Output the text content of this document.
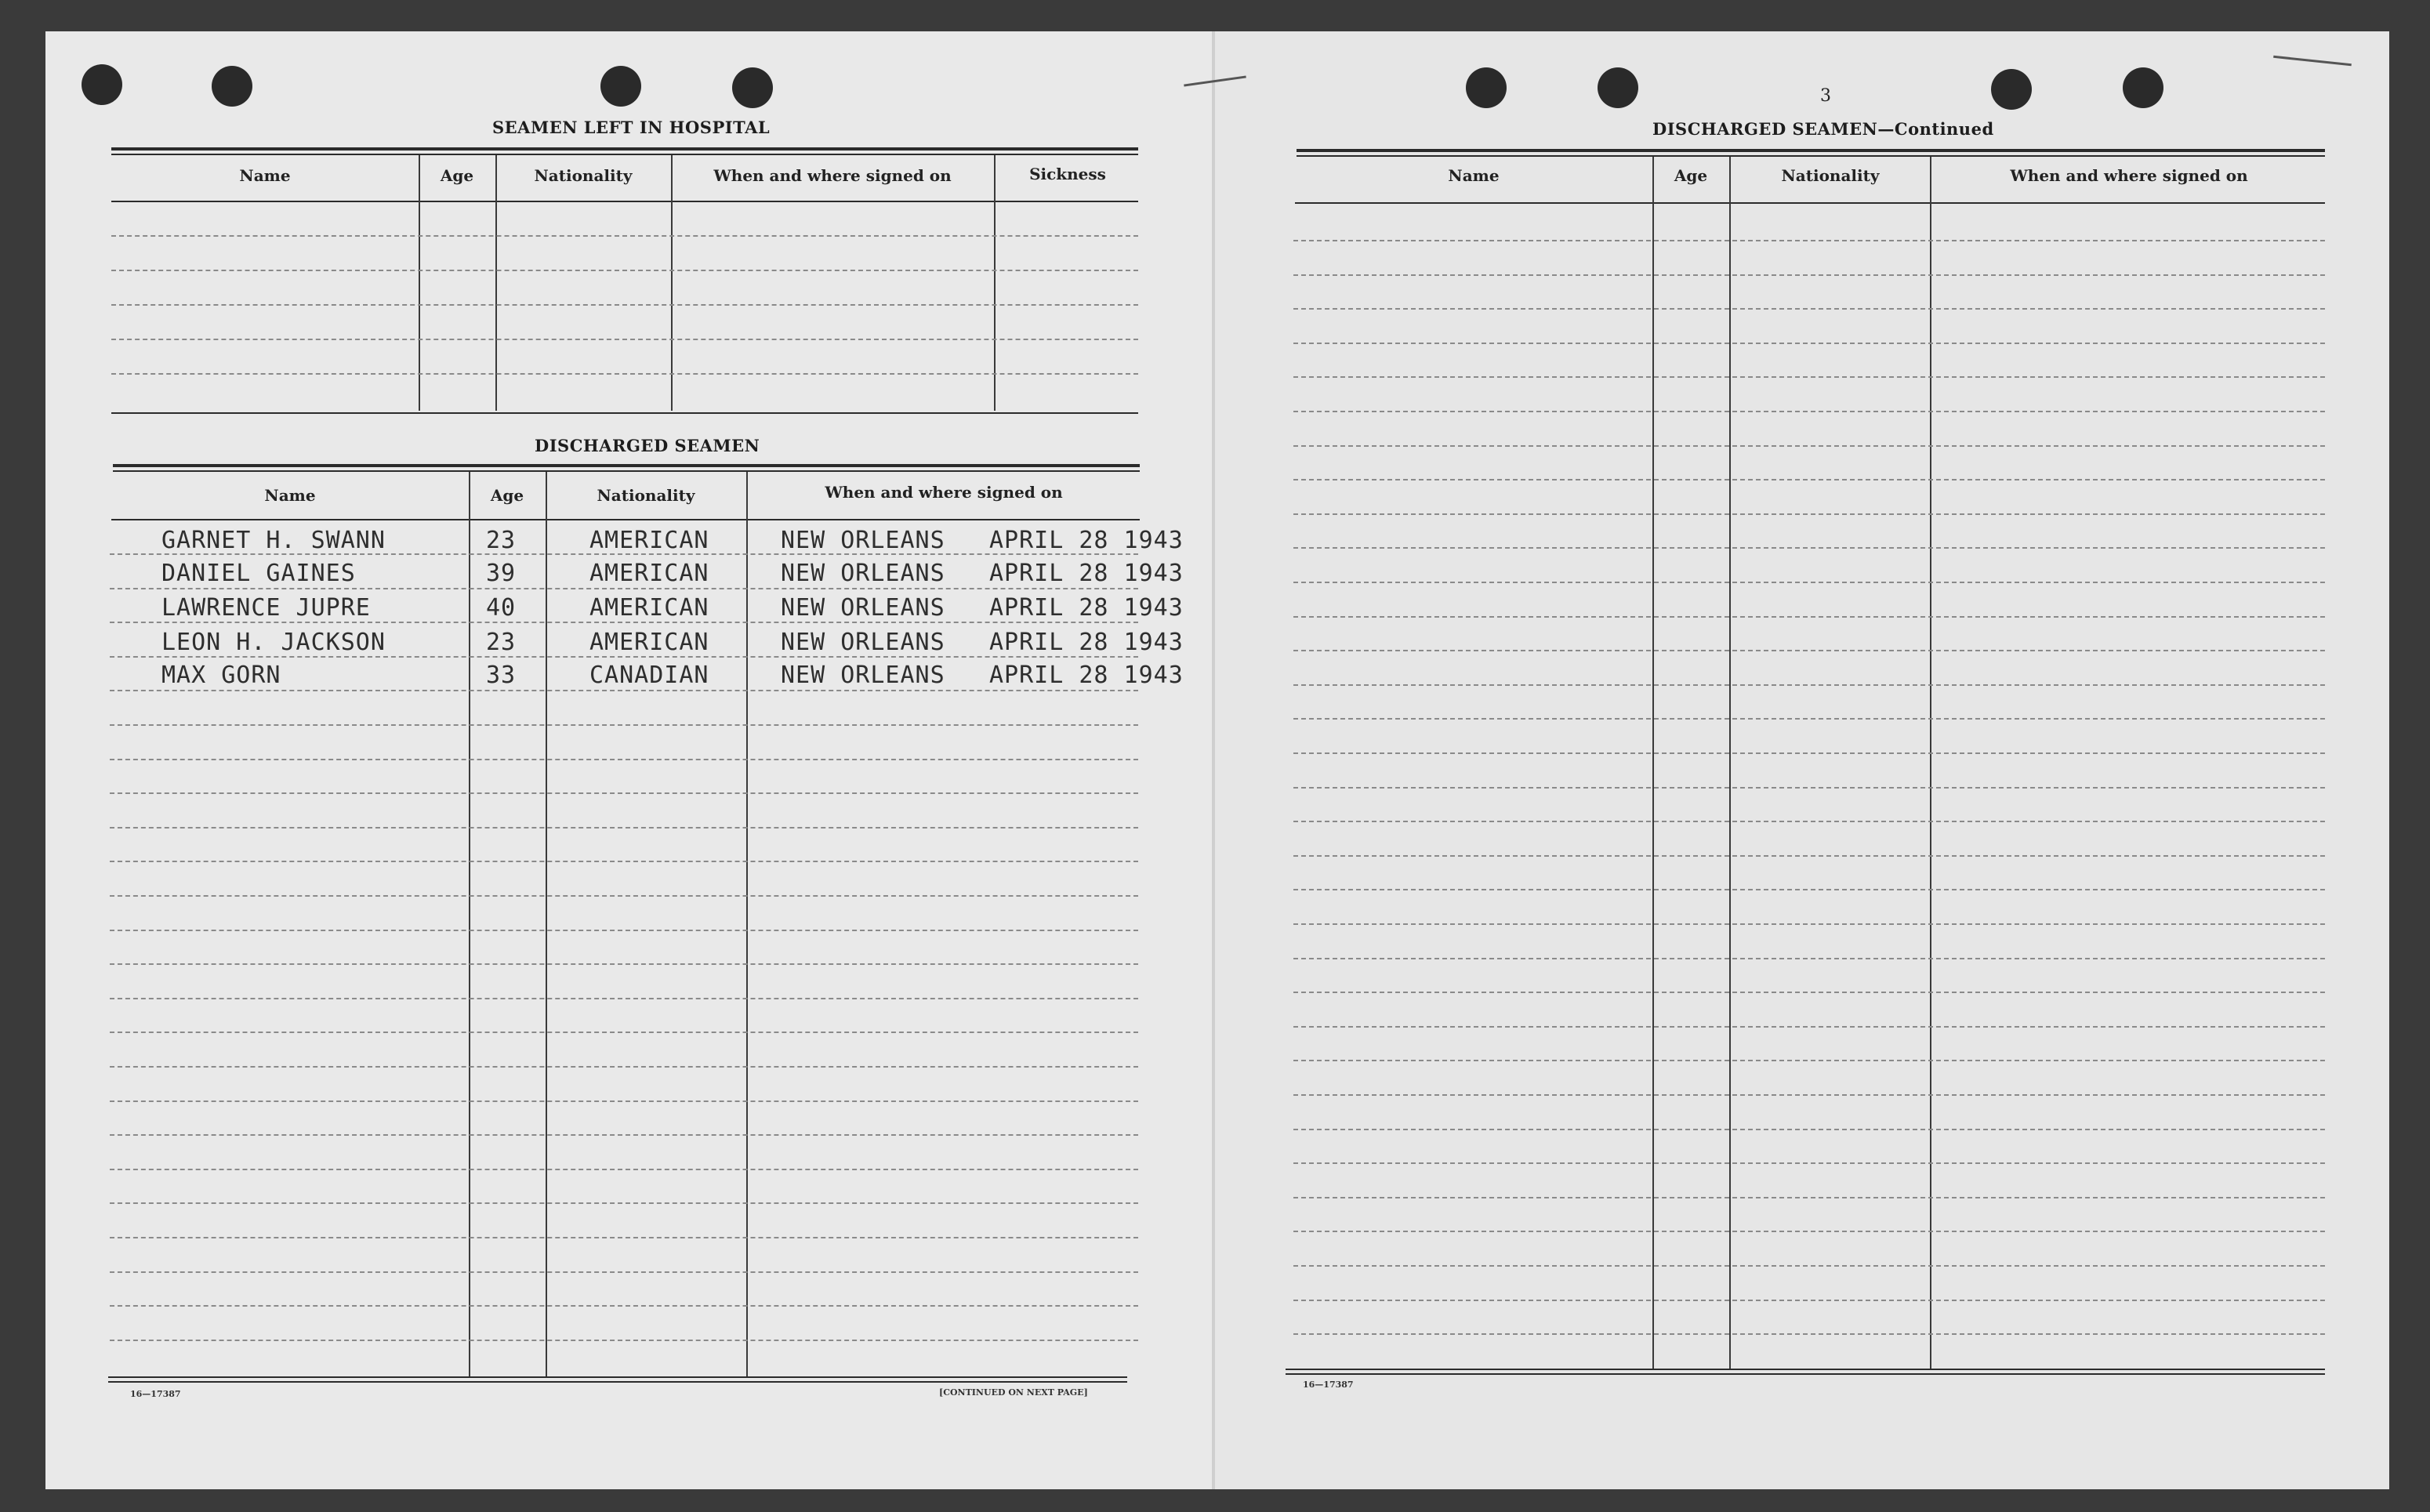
SEAMEN LEFT IN HOSPITAL
Name	Age	Nationality	When and where signed on	Sickness
DISCHARGED SEAMEN
Name	Age	Nationality	When and where signed on
GARNET H. SWANN	23	AMERICAN	NEW ORLEANS APRIL 28 1943
DANIEL GAINES	39	AMERICAN	NEW ORLEANS APRIL 28 1943
LAWRENCE JUPRE	40	AMERICAN	NEW ORLEANS APRIL 28 1943
LEON H. JACKSON	23	AMERICAN	NEW ORLEANS APRIL 28 1943
MAX GORN	33	CANADIAN	NEW ORLEANS APRIL 28 1943
16—17387	[CONTINUED ON NEXT PAGE]
3
DISCHARGED SEAMEN—Continued
Name	Age	Nationality	When and where signed on
16—17387
